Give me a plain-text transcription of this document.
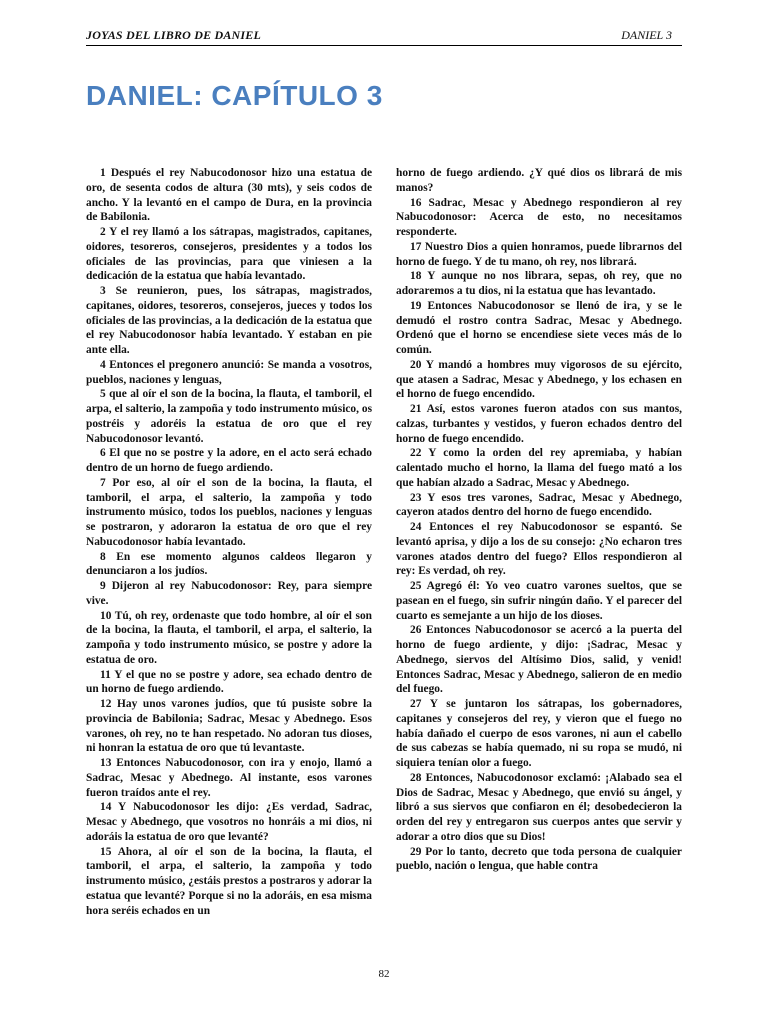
JOYAS DEL LIBRO DE DANIEL	DANIEL 3
DANIEL: CAPÍTULO 3

1 Después el rey Nabucodonosor hizo una estatua de oro, de sesenta codos de altura (30 mts), y seis codos de ancho. Y la levantó en el campo de Dura, en la provincia de Babilonia.

2 Y el rey llamó a los sátrapas, magistrados, capitanes, oidores, tesoreros, consejeros, presidentes y a todos los oficiales de las provincias, para que viniesen a la dedicación de la estatua que había levantado.

3 Se reunieron, pues, los sátrapas, magistrados, capitanes, oidores, tesoreros, consejeros, jueces y todos los oficiales de las provincias, a la dedicación de la estatua que el rey Nabucodonosor había levantado. Y estaban en pie ante ella.

4 Entonces el pregonero anunció: Se manda a vosotros, pueblos, naciones y lenguas,

5 que al oír el son de la bocina, la flauta, el tamboril, el arpa, el salterio, la zampoña y todo instrumento músico, os postréis y adoréis la estatua de oro que el rey Nabucodonosor levantó.

6 El que no se postre y la adore, en el acto será echado dentro de un horno de fuego ardiendo.

7 Por eso, al oír el son de la bocina, la flauta, el tamboril, el arpa, el salterio, la zampoña y todo instrumento músico, todos los pueblos, naciones y lenguas se postraron, y adoraron la estatua de oro que el rey Nabucodonosor había levantado.

8 En ese momento algunos caldeos llegaron y denunciaron a los judíos.

9 Dijeron al rey Nabucodonosor: Rey, para siempre vive.

10 Tú, oh rey, ordenaste que todo hombre, al oír el son de la bocina, la flauta, el tamboril, el arpa, el salterio, la zampoña y todo instrumento músico, se postre y adore la estatua de oro.

11 Y el que no se postre y adore, sea echado dentro de un horno de fuego ardiendo.

12 Hay unos varones judíos, que tú pusiste sobre la provincia de Babilonia; Sadrac, Mesac y Abednego. Esos varones, oh rey, no te han respetado. No adoran tus dioses, ni honran la estatua de oro que tú levantaste.

13 Entonces Nabucodonosor, con ira y enojo, llamó a Sadrac, Mesac y Abednego. Al instante, esos varones fueron traídos ante el rey.

14 Y Nabucodonosor les dijo: ¿Es verdad, Sadrac, Mesac y Abednego, que vosotros no honráis a mi dios, ni adoráis la estatua de oro que levanté?

15 Ahora, al oír el son de la bocina, la flauta, el tamboril, el arpa, el salterio, la zampoña y todo instrumento músico, ¿estáis prestos a postraros y adorar la estatua que levanté? Porque si no la adoráis, en esa misma hora seréis echados en un

horno de fuego ardiendo. ¿Y qué dios os librará de mis manos?

16 Sadrac, Mesac y Abednego respondieron al rey Nabucodonosor: Acerca de esto, no necesitamos responderte.

17 Nuestro Dios a quien honramos, puede librarnos del horno de fuego. Y de tu mano, oh rey, nos librará.

18 Y aunque no nos librara, sepas, oh rey, que no adoraremos a tu dios, ni la estatua que has levantado.

19 Entonces Nabucodonosor se llenó de ira, y se le demudó el rostro contra Sadrac, Mesac y Abednego. Ordenó que el horno se encendiese siete veces más de lo común.

20 Y mandó a hombres muy vigorosos de su ejército, que atasen a Sadrac, Mesac y Abednego, y los echasen en el horno de fuego encendido.

21 Así, estos varones fueron atados con sus mantos, calzas, turbantes y vestidos, y fueron echados dentro del horno de fuego encendido.

22 Y como la orden del rey apremiaba, y habían calentado mucho el horno, la llama del fuego mató a los que habían alzado a Sadrac, Mesac y Abednego.

23 Y esos tres varones, Sadrac, Mesac y Abednego, cayeron atados dentro del horno de fuego encendido.

24 Entonces el rey Nabucodonosor se espantó. Se levantó aprisa, y dijo a los de su consejo: ¿No echaron tres varones atados dentro del fuego? Ellos respondieron al rey: Es verdad, oh rey.

25 Agregó él: Yo veo cuatro varones sueltos, que se pasean en el fuego, sin sufrir ningún daño. Y el parecer del cuarto es semejante a un hijo de los dioses.

26 Entonces Nabucodonosor se acercó a la puerta del horno de fuego ardiente, y dijo: ¡Sadrac, Mesac y Abednego, siervos del Altísimo Dios, salid, y venid! Entonces Sadrac, Mesac y Abednego, salieron de en medio del fuego.

27 Y se juntaron los sátrapas, los gobernadores, capitanes y consejeros del rey, y vieron que el fuego no había dañado el cuerpo de esos varones, ni aun el cabello de sus cabezas se había quemado, ni su ropa se mudó, ni siquiera tenían olor a fuego.

28 Entonces, Nabucodonosor exclamó: ¡Alabado sea el Dios de Sadrac, Mesac y Abednego, que envió su ángel, y libró a sus siervos que confiaron en él; desobedecieron la orden del rey y entregaron sus cuerpos antes que servir y adorar a otro dios que su Dios!

29 Por lo tanto, decreto que toda persona de cualquier pueblo, nación o lengua, que hable contra

82
